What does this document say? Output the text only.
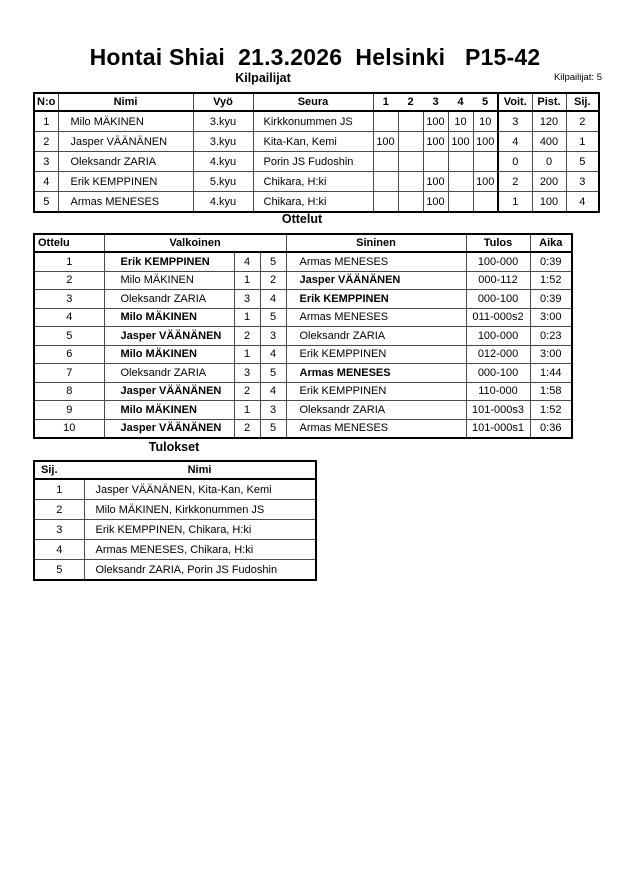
Hontai Shiai  21.3.2026  Helsinki   P15-42
Kilpailijat	Kilpailijat: 5
N:o	Nimi	Vyö	Seura	1	2	3	4	5	Voit.	Pist.	Sij.
1	Milo MÄKINEN	3.kyu	Kirkkonummen JS			100	10	10	3	120	2
2	Jasper VÄÄNÄNEN	3.kyu	Kita-Kan, Kemi	100		100	100	100	4	400	1
3	Oleksandr ZARIA	4.kyu	Porin JS Fudoshin						0	0	5
4	Erik KEMPPINEN	5.kyu	Chikara, H:ki			100		100	2	200	3
5	Armas MENESES	4.kyu	Chikara, H:ki			100			1	100	4
Ottelut
Ottelu	Valkoinen			Sininen	Tulos	Aika
1	Erik KEMPPINEN	4	5	Armas MENESES	100-000	0:39
2	Milo MÄKINEN	1	2	Jasper VÄÄNÄNEN	000-112	1:52
3	Oleksandr ZARIA	3	4	Erik KEMPPINEN	000-100	0:39
4	Milo MÄKINEN	1	5	Armas MENESES	011-000s2	3:00
5	Jasper VÄÄNÄNEN	2	3	Oleksandr ZARIA	100-000	0:23
6	Milo MÄKINEN	1	4	Erik KEMPPINEN	012-000	3:00
7	Oleksandr ZARIA	3	5	Armas MENESES	000-100	1:44
8	Jasper VÄÄNÄNEN	2	4	Erik KEMPPINEN	110-000	1:58
9	Milo MÄKINEN	1	3	Oleksandr ZARIA	101-000s3	1:52
10	Jasper VÄÄNÄNEN	2	5	Armas MENESES	101-000s1	0:36
Tulokset
Sij.	Nimi
1	Jasper VÄÄNÄNEN, Kita-Kan, Kemi
2	Milo MÄKINEN, Kirkkonummen JS
3	Erik KEMPPINEN, Chikara, H:ki
4	Armas MENESES, Chikara, H:ki
5	Oleksandr ZARIA, Porin JS Fudoshin
